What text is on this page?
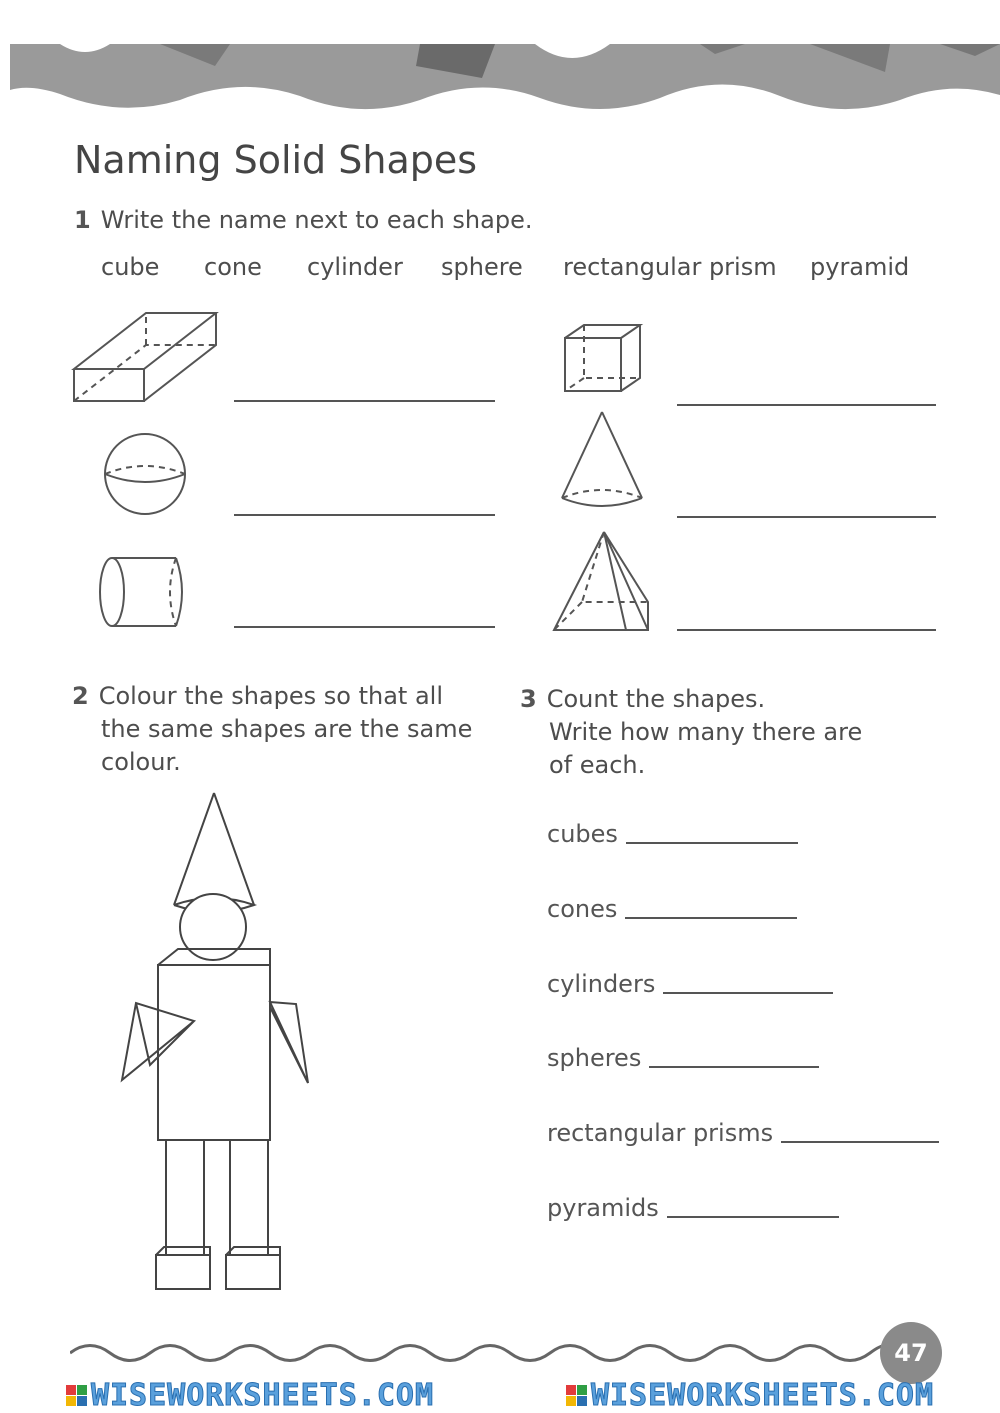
Naming Solid Shapes
1 Write the name next to each shape.
cube cone cylinder sphere rectangular prism pyramid
2 Colour the shapes so that all
the same shapes are the same
colour.
3 Count the shapes.
Write how many there are
of each.
cubes
cones
cylinders
spheres
rectangular prisms
pyramids
47
WISEWORKSHEETS.COM	WISEWORKSHEETS.COM
